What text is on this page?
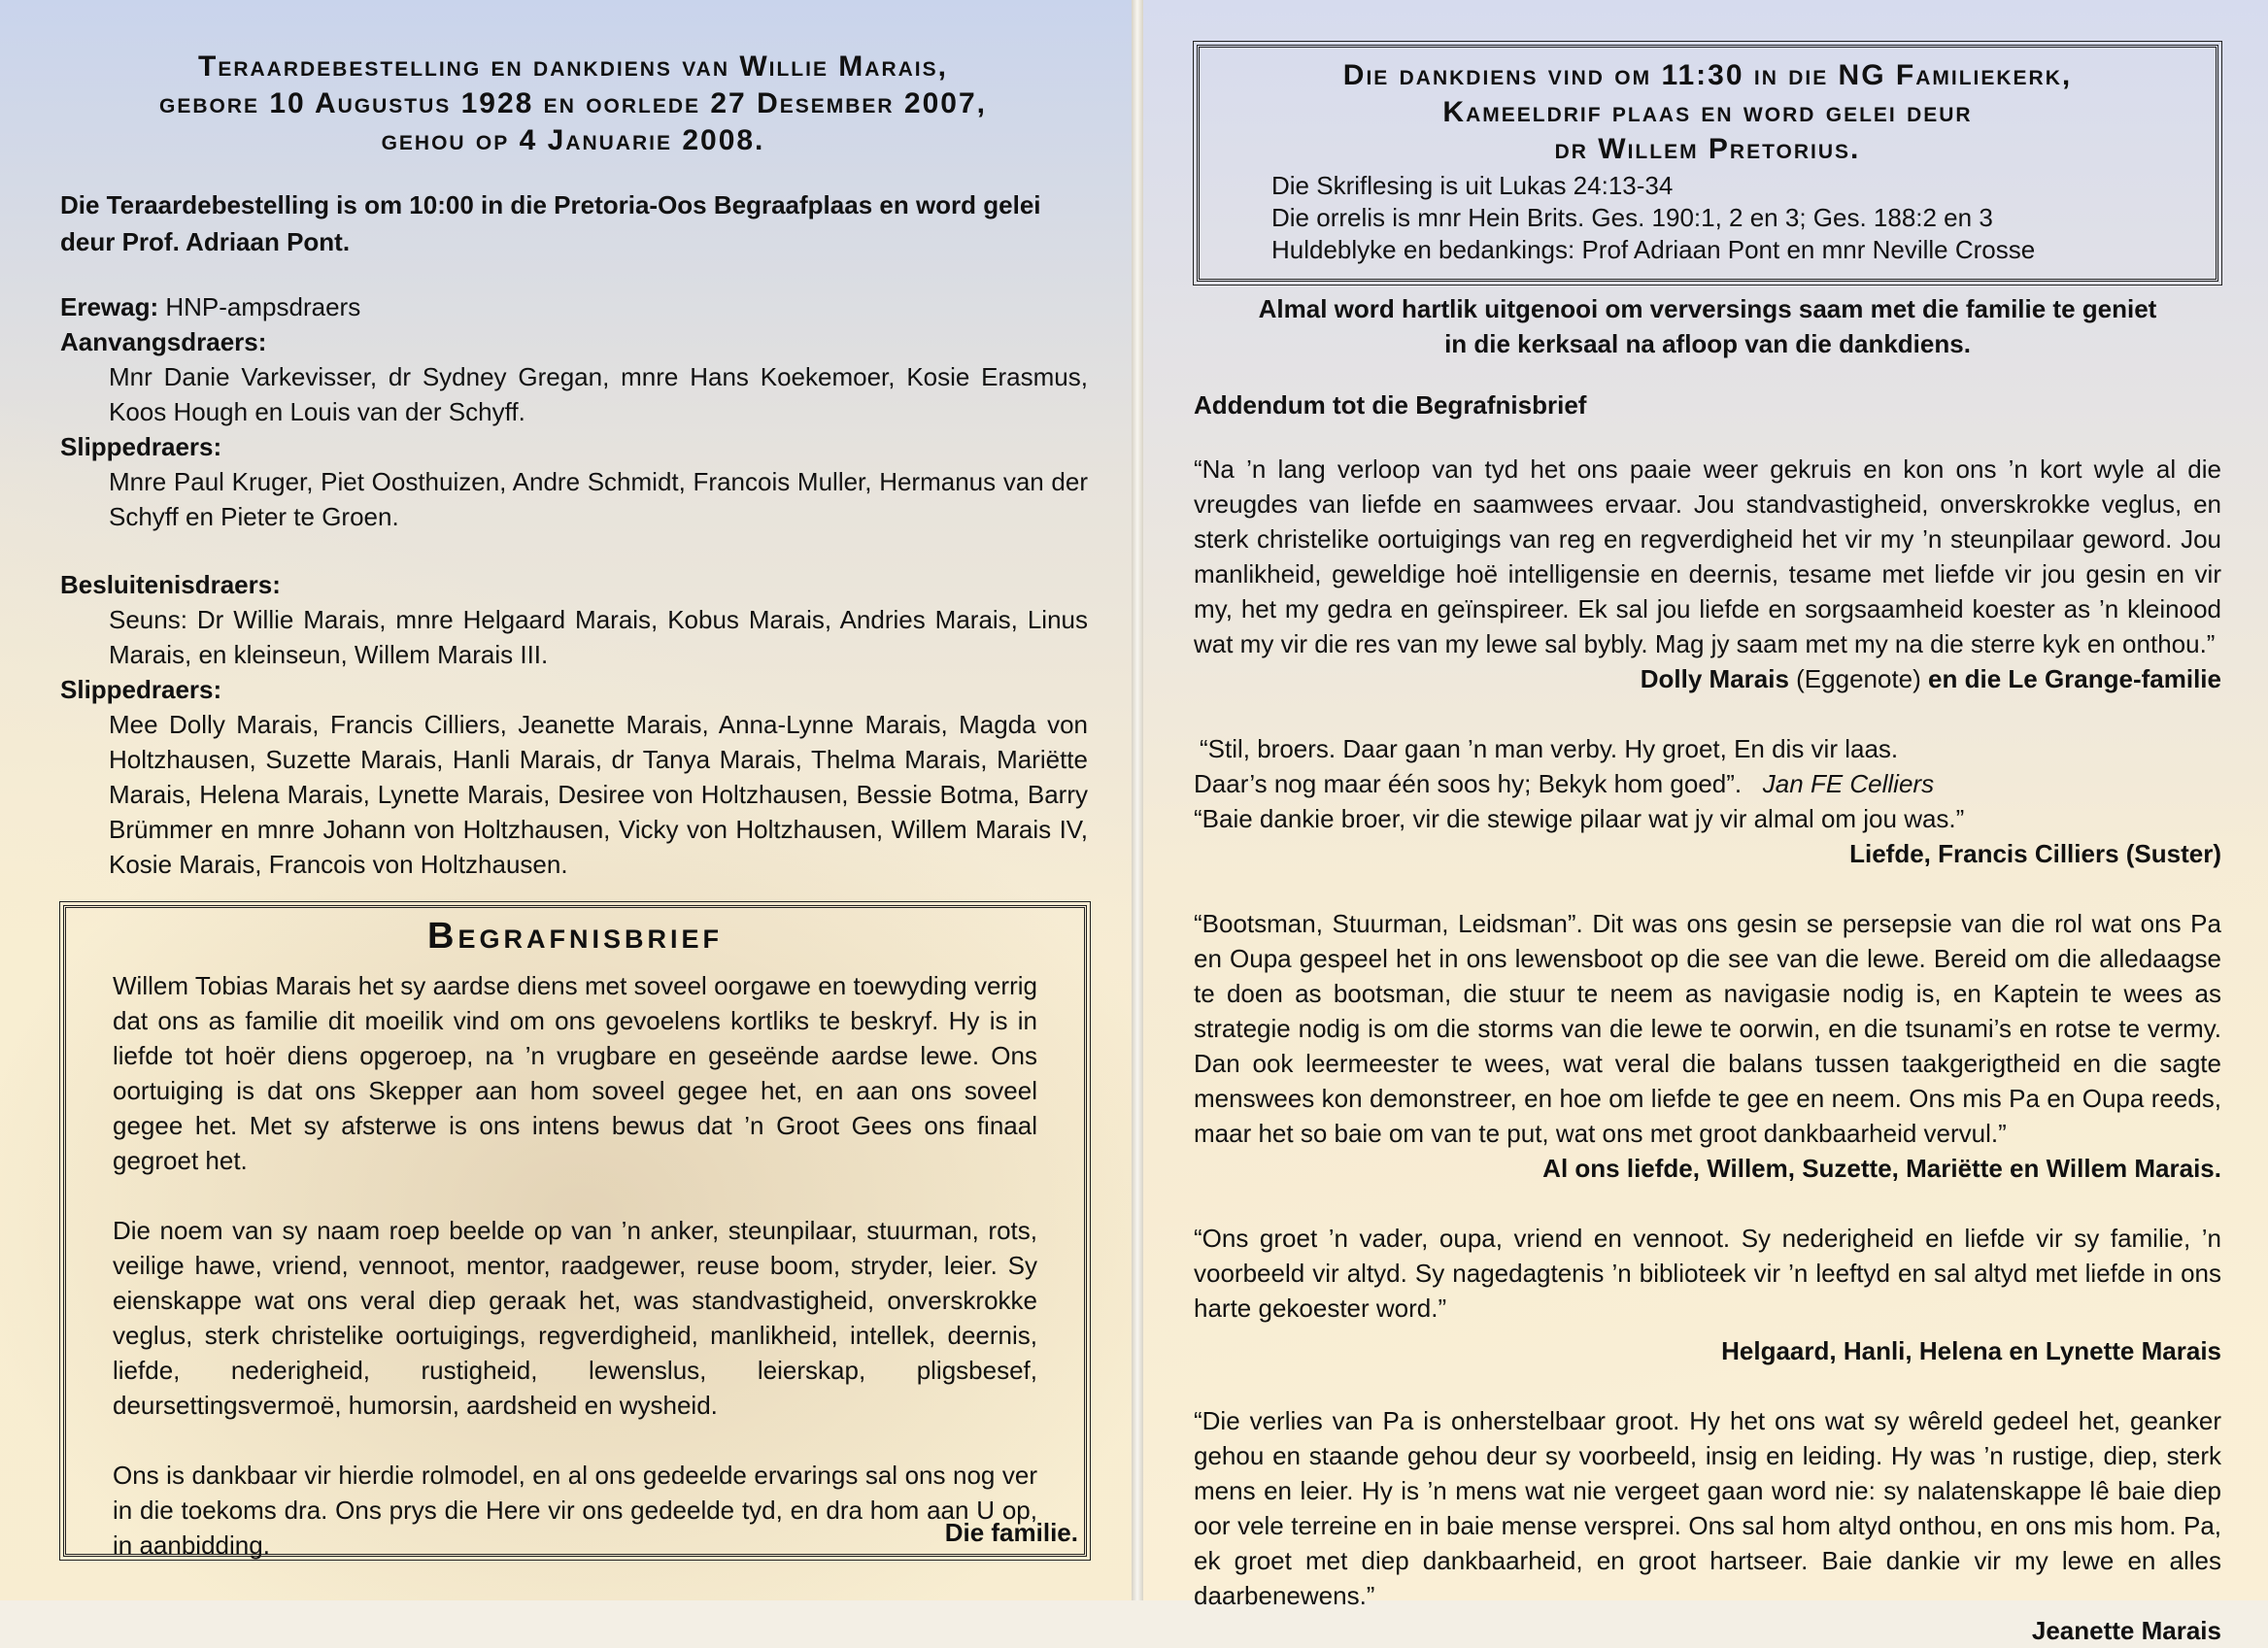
Teraardebestelling en dankdiens van Willie Marais,

gebore 10 Augustus 1928 en oorlede 27 Desember 2007,

gehou op 4 Januarie 2008.

Die Teraardebestelling is om 10:00 in die Pretoria-Oos Begraafplaas en word gelei deur Prof. Adriaan Pont.

Erewag: HNP-ampsdraers

Aanvangsdraers:

Mnr Danie Varkevisser, dr Sydney Gregan, mnre Hans Koekemoer, Kosie Erasmus, Koos Hough en Louis van der Schyff.

Slippedraers:

Mnre Paul Kruger, Piet Oosthuizen, Andre Schmidt, Francois Muller, Hermanus van der Schyff en Pieter te Groen.

Besluitenisdraers:

Seuns: Dr Willie Marais, mnre Helgaard Marais, Kobus Marais, Andries Marais, Linus Marais, en kleinseun, Willem Marais III.

Slippedraers:

Mee Dolly Marais, Francis Cilliers, Jeanette Marais, Anna-Lynne Marais, Magda von Holtzhausen, Suzette Marais, Hanli Marais, dr Tanya Marais, Thelma Marais, Mariëtte Marais, Helena Marais, Lynette Marais, Desiree von Holtzhausen, Bessie Botma, Barry Brümmer en mnre Johann von Holtzhausen, Vicky von Holtzhausen, Willem Marais IV, Kosie Marais, Francois von Holtzhausen.

Begrafnisbrief

Willem Tobias Marais het sy aardse diens met soveel oorgawe en toewyding verrig dat ons as familie dit moeilik vind om ons gevoelens kortliks te beskryf. Hy is in liefde tot hoër diens opgeroep, na ’n vrugbare en geseënde aardse lewe. Ons oortuiging is dat ons Skepper aan hom soveel gegee het, en aan ons soveel gegee het. Met sy afsterwe is ons intens bewus dat ’n Groot Gees ons finaal gegroet het.

Die noem van sy naam roep beelde op van ’n anker, steunpilaar, stuurman, rots, veilige hawe, vriend, vennoot, mentor, raadgewer, reuse boom, stryder, leier. Sy eienskappe wat ons veral diep geraak het, was standvastigheid, onverskrokke veglus, sterk christelike oortuigings, regverdigheid, manlikheid, intellek, deernis, liefde, nederigheid, rustigheid, lewenslus, leierskap, pligsbesef, deursettingsvermoë, humorsin, aardsheid en wysheid.

Ons is dankbaar vir hierdie rolmodel, en al ons gedeelde ervarings sal ons nog ver in die toekoms dra. Ons prys die Here vir ons gedeelde tyd, en dra hom aan U op, in aanbidding.	Die familie.

Die dankdiens vind om 11:30 in die NG Familiekerk,

Kameeldrif plaas en word gelei deur

dr Willem Pretorius.

Die Skriflesing is uit Lukas 24:13-34

Die orrelis is mnr Hein Brits. Ges. 190:1, 2 en 3; Ges. 188:2 en 3

Huldeblyke en bedankings: Prof Adriaan Pont en mnr Neville Crosse

Almal word hartlik uitgenooi om verversings saam met die familie te geniet

in die kerksaal na afloop van die dankdiens.

Addendum tot die Begrafnisbrief

“Na ’n lang verloop van tyd het ons paaie weer gekruis en kon ons ’n kort wyle al die vreugdes van liefde en saamwees ervaar. Jou standvastigheid, onverskrokke veglus, en sterk christelike oortuigings van reg en regverdigheid het vir my ’n steunpilaar geword. Jou manlikheid, geweldige hoë intelligensie en deernis, tesame met liefde vir jou gesin en vir my, het my gedra en geïnspireer. Ek sal jou liefde en sorgsaamheid koester as ’n kleinood wat my vir die res van my lewe sal bybly. Mag jy saam met my na die sterre kyk en onthou.”

Dolly Marais (Eggenote) en die Le Grange-familie

“Stil, broers. Daar gaan ’n man verby. Hy groet, En dis vir laas.

Daar’s nog maar één soos hy; Bekyk hom goed”. Jan FE Celliers

“Baie dankie broer, vir die stewige pilaar wat jy vir almal om jou was.”

Liefde, Francis Cilliers (Suster)

“Bootsman, Stuurman, Leidsman”. Dit was ons gesin se persepsie van die rol wat ons Pa en Oupa gespeel het in ons lewensboot op die see van die lewe. Bereid om die alledaagse te doen as bootsman, die stuur te neem as navigasie nodig is, en Kaptein te wees as strategie nodig is om die storms van die lewe te oorwin, en die tsunami’s en rotse te vermy. Dan ook leermeester te wees, wat veral die balans tussen taakgerigtheid en die sagte menswees kon demonstreer, en hoe om liefde te gee en neem. Ons mis Pa en Oupa reeds, maar het so baie om van te put, wat ons met groot dankbaarheid vervul.”

Al ons liefde, Willem, Suzette, Mariëtte en Willem Marais.

“Ons groet ’n vader, oupa, vriend en vennoot. Sy nederigheid en liefde vir sy familie, ’n voorbeeld vir altyd. Sy nagedagtenis ’n biblioteek vir ’n leeftyd en sal altyd met liefde in ons harte gekoester word.”

Helgaard, Hanli, Helena en Lynette Marais

“Die verlies van Pa is onherstelbaar groot. Hy het ons wat sy wêreld gedeel het, geanker gehou en staande gehou deur sy voorbeeld, insig en leiding. Hy was ’n rustige, diep, sterk mens en leier. Hy is ’n mens wat nie vergeet gaan word nie: sy nalatenskappe lê baie diep oor vele terreine en in baie mense versprei. Ons sal hom altyd onthou, en ons mis hom. Pa, ek groet met diep dankbaarheid, en groot hartseer. Baie dankie vir my lewe en alles daarbenewens.”

Jeanette Marais
